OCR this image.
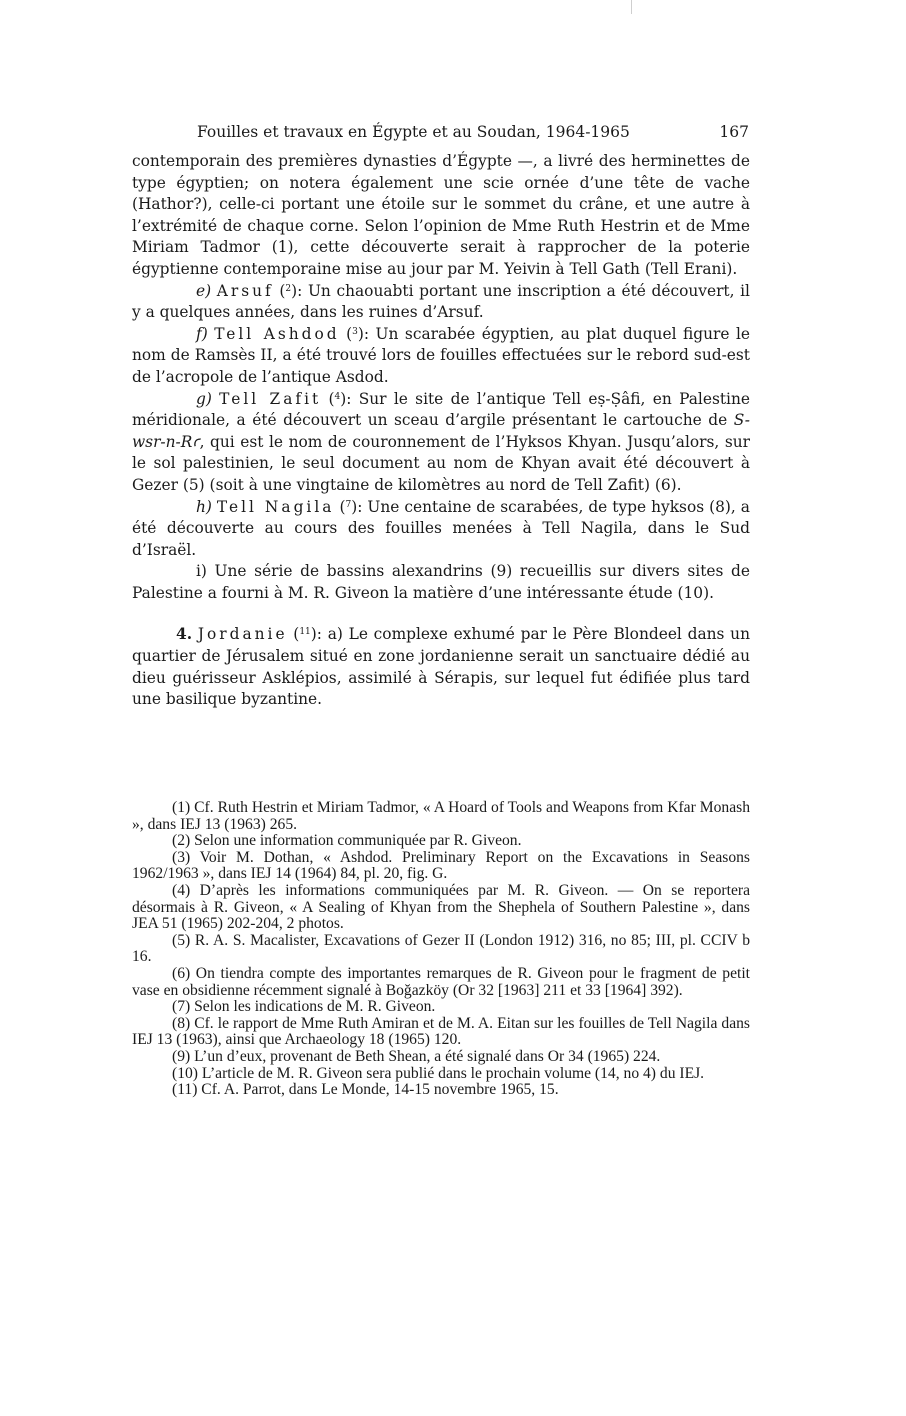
Fouilles et travaux en Égypte et au Soudan, 1964-1965	167

contemporain des premières dynasties d’Égypte —, a livré des herminettes de type égyptien; on notera également une scie ornée d’une tête de vache (Hathor?), celle-ci portant une étoile sur le sommet du crâne, et une autre à l’extrémité de chaque corne. Selon l’opinion de Mme Ruth Hestrin et de Mme Miriam Tadmor (1), cette découverte serait à rapprocher de la poterie égyptienne contemporaine mise au jour par M. Yeivin à Tell Gath (Tell Erani).

e) Arsuf ($^2$): Un chaouabti portant une inscription a été découvert, il y a quelques années, dans les ruines d’Arsuf.

f) Tell Ashdod ($^3$): Un scarabée égyptien, au plat duquel figure le nom de Ramsès II, a été trouvé lors de fouilles effectuées sur le rebord sud-est de l’acropole de l’antique Asdod.

g) Tell Zafit ($^4$): Sur le site de l’antique Tell eṣ-Ṣâfi, en Palestine méridionale, a été découvert un sceau d’argile présentant le cartouche de S-wsr-n-Rꜥ, qui est le nom de couronnement de l’Hyksos Khyan. Jusqu’alors, sur le sol palestinien, le seul document au nom de Khyan avait été découvert à Gezer (5) (soit à une vingtaine de kilomètres au nord de Tell Zafit) (6).

h) Tell Nagila ($^7$): Une centaine de scarabées, de type hyksos (8), a été découverte au cours des fouilles menées à Tell Nagila, dans le Sud d’Israël.

i) Une série de bassins alexandrins (9) recueillis sur divers sites de Palestine a fourni à M. R. Giveon la matière d’une intéressante étude (10).

4. Jordanie ($^{11}$): a) Le complexe exhumé par le Père Blondeel dans un quartier de Jérusalem situé en zone jordanienne serait un sanctuaire dédié au dieu guérisseur Asklépios, assimilé à Sérapis, sur lequel fut édifiée plus tard une basilique byzantine.

(1) Cf. Ruth Hestrin et Miriam Tadmor, « A Hoard of Tools and Weapons from Kfar Monash », dans IEJ 13 (1963) 265.

(2) Selon une information communiquée par R. Giveon.

(3) Voir M. Dothan, « Ashdod. Preliminary Report on the Excavations in Seasons 1962/1963 », dans IEJ 14 (1964) 84, pl. 20, fig. G.

(4) D’après les informations communiquées par M. R. Giveon. — On se reportera désormais à R. Giveon, « A Sealing of Khyan from the Shephela of Southern Palestine », dans JEA 51 (1965) 202-204, 2 photos.

(5) R. A. S. Macalister, Excavations of Gezer II (London 1912) 316, no 85; III, pl. CCIV b 16.

(6) On tiendra compte des importantes remarques de R. Giveon pour le fragment de petit vase en obsidienne récemment signalé à Boğazköy (Or 32 [1963] 211 et 33 [1964] 392).

(7) Selon les indications de M. R. Giveon.

(8) Cf. le rapport de Mme Ruth Amiran et de M. A. Eitan sur les fouilles de Tell Nagila dans IEJ 13 (1963), ainsi que Archaeology 18 (1965) 120.

(9) L’un d’eux, provenant de Beth Shean, a été signalé dans Or 34 (1965) 224.

(10) L’article de M. R. Giveon sera publié dans le prochain volume (14, no 4) du IEJ.

(11) Cf. A. Parrot, dans Le Monde, 14-15 novembre 1965, 15.
